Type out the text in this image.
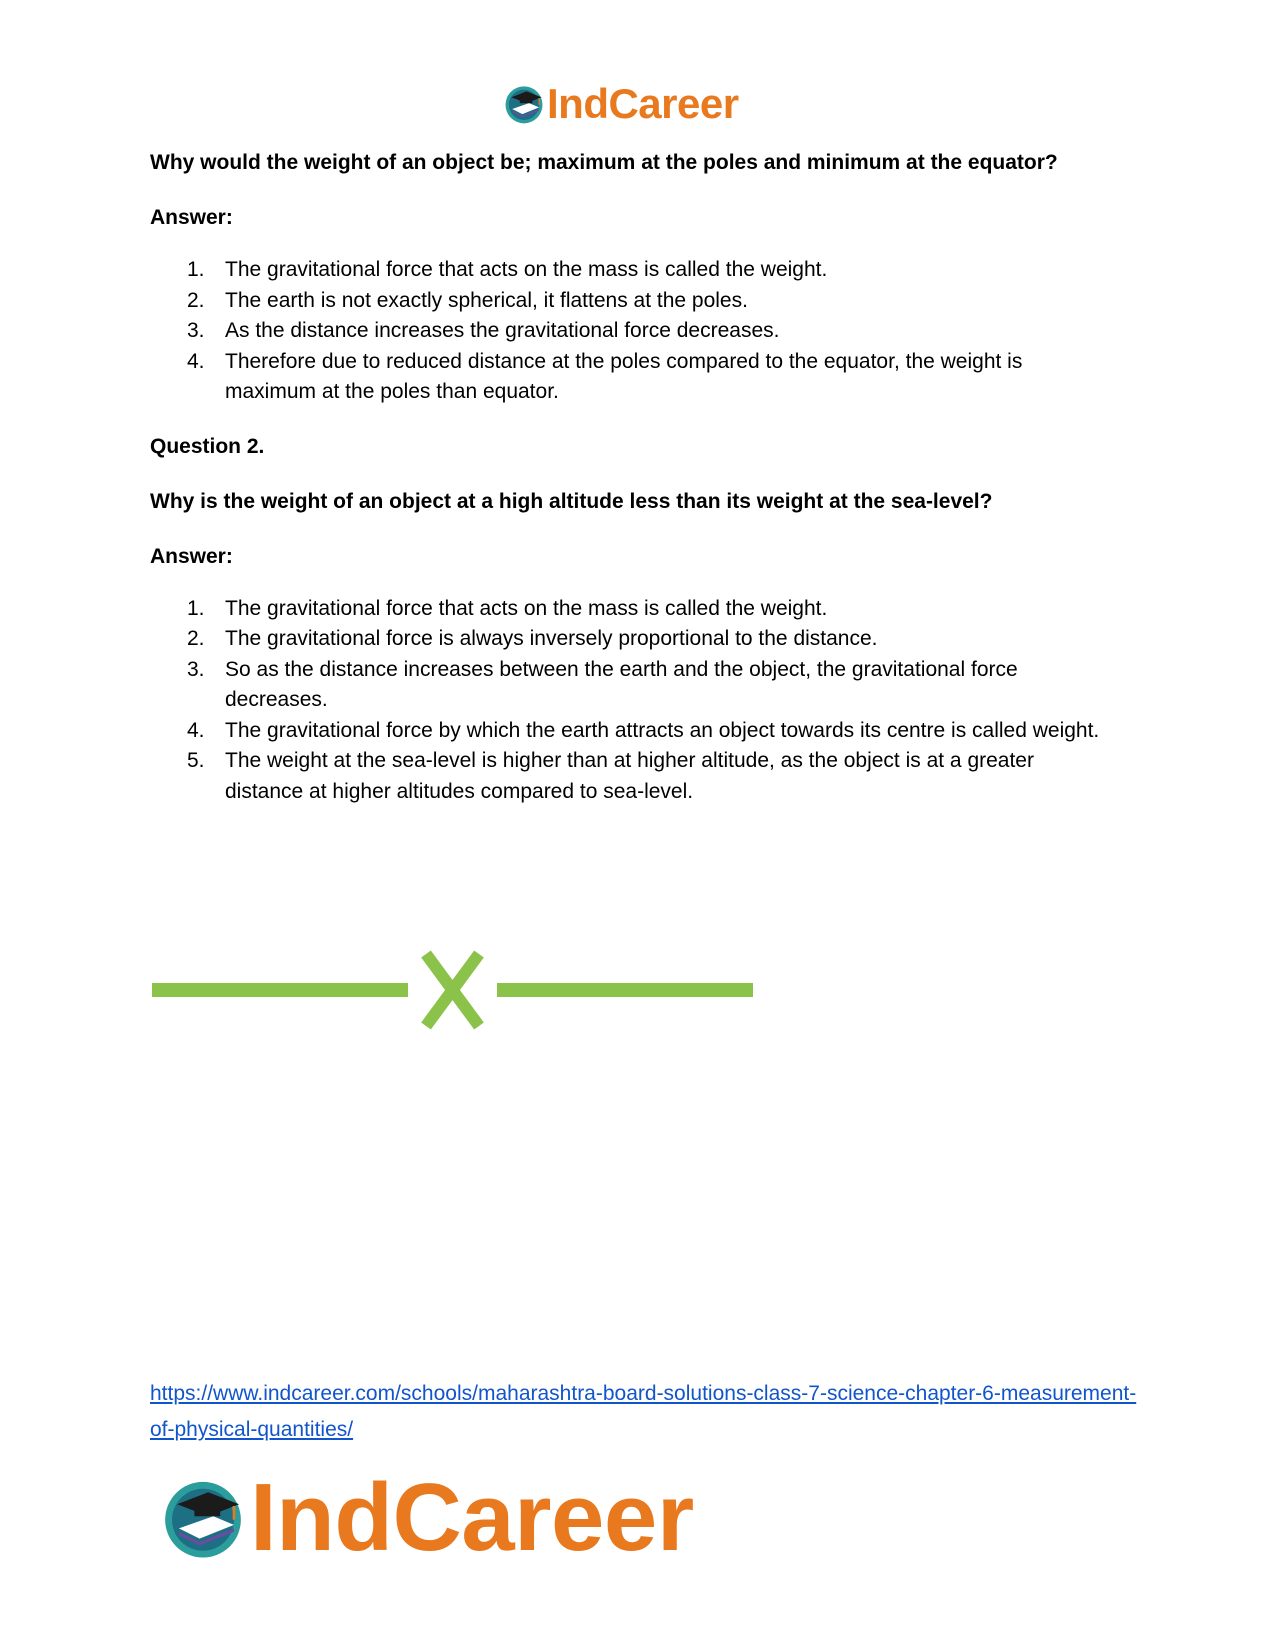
IndCareer

Why would the weight of an object be; maximum at the poles and minimum at the equator?

Answer:

1. The gravitational force that acts on the mass is called the weight.
2. The earth is not exactly spherical, it flattens at the poles.
3. As the distance increases the gravitational force decreases.
4. Therefore due to reduced distance at the poles compared to the equator, the weight is maximum at the poles than equator.

Question 2.

Why is the weight of an object at a high altitude less than its weight at the sea-level?

Answer:

1. The gravitational force that acts on the mass is called the weight.
2. The gravitational force is always inversely proportional to the distance.
3. So as the distance increases between the earth and the object, the gravitational force decreases.
4. The gravitational force by which the earth attracts an object towards its centre is called weight.
5. The weight at the sea-level is higher than at higher altitude, as the object is at a greater distance at higher altitudes compared to sea-level.
https://www.indcareer.com/schools/maharashtra-board-solutions-class-7-science-chapter-6-measurement-of-physical-quantities/
IndCareer
